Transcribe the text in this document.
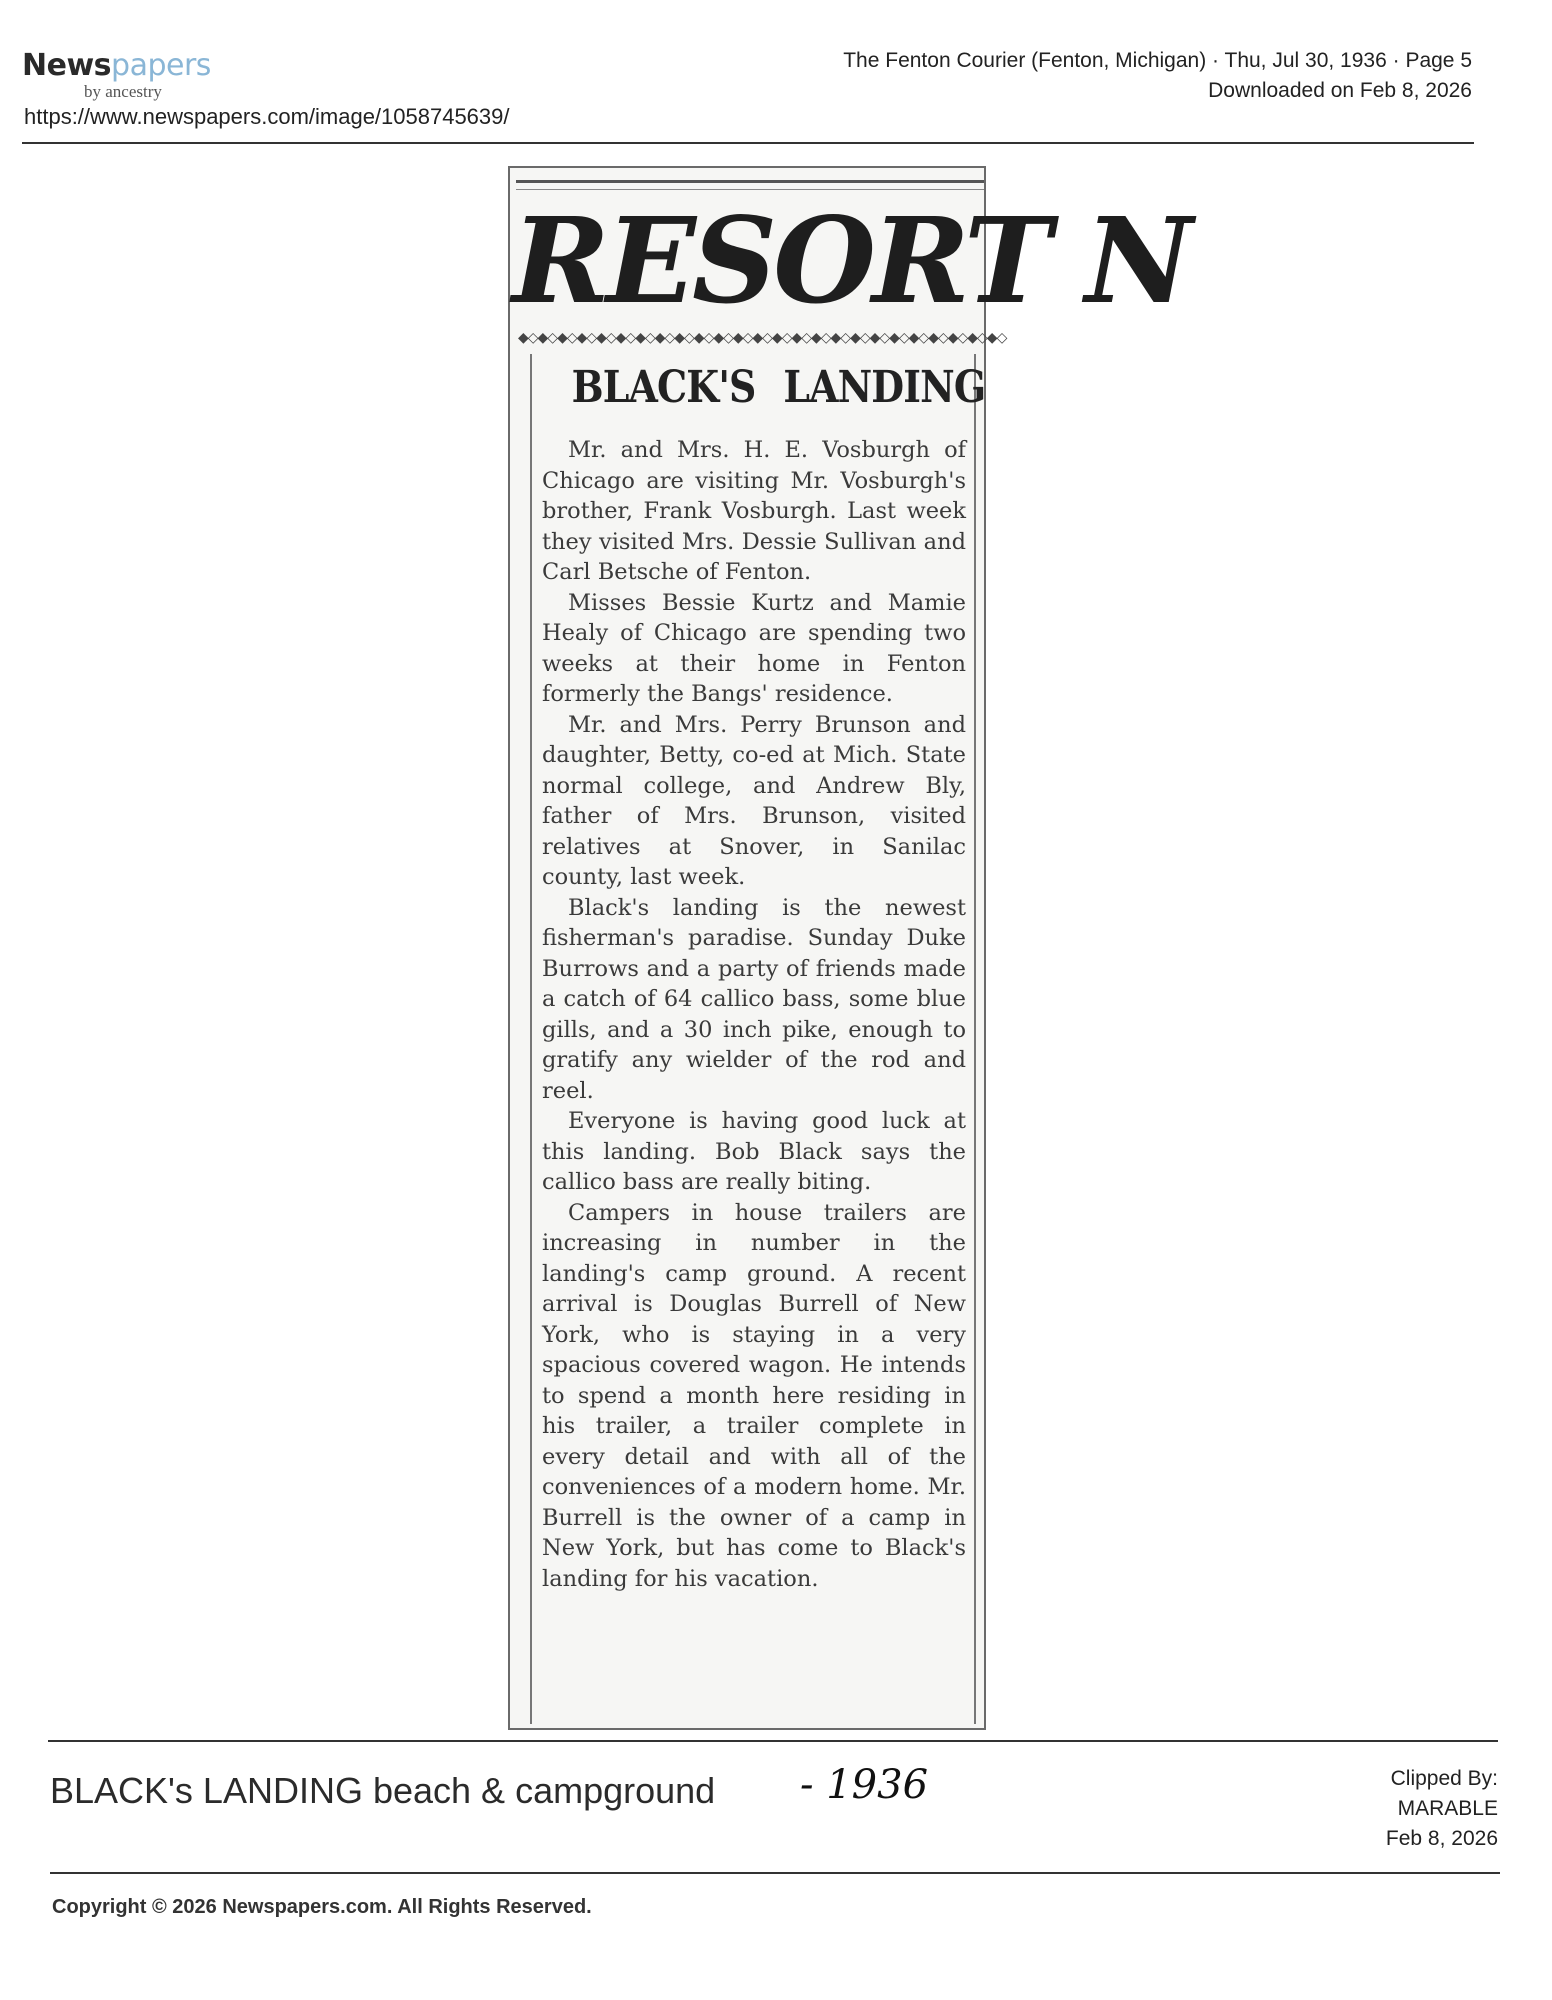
Newspapers
by ancestry
https://www.newspapers.com/image/1058745639/
The Fenton Courier (Fenton, Michigan) · Thu, Jul 30, 1936 · Page 5
Downloaded on Feb 8, 2026
RESORT N
◆◇◆◇◆◇◆◇◆◇◆◇◆◇◆◇◆◇◆◇◆◇◆◇◆◇◆◇◆◇◆◇◆◇◆◇◆◇◆◇◆◇◆◇◆◇◆◇◆◇
BLACK'S LANDING

Mr. and Mrs. H. E. Vosburgh of Chicago are visiting Mr. Vosburgh's brother, Frank Vosburgh. Last week they visited Mrs. Dessie Sullivan and Carl Betsche of Fenton.

Misses Bessie Kurtz and Mamie Healy of Chicago are spending two weeks at their home in Fenton formerly the Bangs' residence.

Mr. and Mrs. Perry Brunson and daughter, Betty, co-ed at Mich. State normal college, and Andrew Bly, father of Mrs. Brunson, visited relatives at Snover, in Sanilac county, last week.

Black's landing is the newest fisherman's paradise. Sunday Duke Burrows and a party of friends made a catch of 64 callico bass, some blue gills, and a 30 inch pike, enough to gratify any wielder of the rod and reel.

Everyone is having good luck at this landing. Bob Black says the callico bass are really biting.

Campers in house trailers are increasing in number in the landing's camp ground. A recent arrival is Douglas Burrell of New York, who is staying in a very spacious covered wagon. He intends to spend a month here residing in his trailer, a trailer complete in every detail and with all of the conveniences of a modern home. Mr. Burrell is the owner of a camp in New York, but has come to Black's landing for his vacation.

BLACK's LANDING beach & campground - 1936	Clipped By:
MARABLE
Feb 8, 2026
Copyright © 2026 Newspapers.com. All Rights Reserved.
